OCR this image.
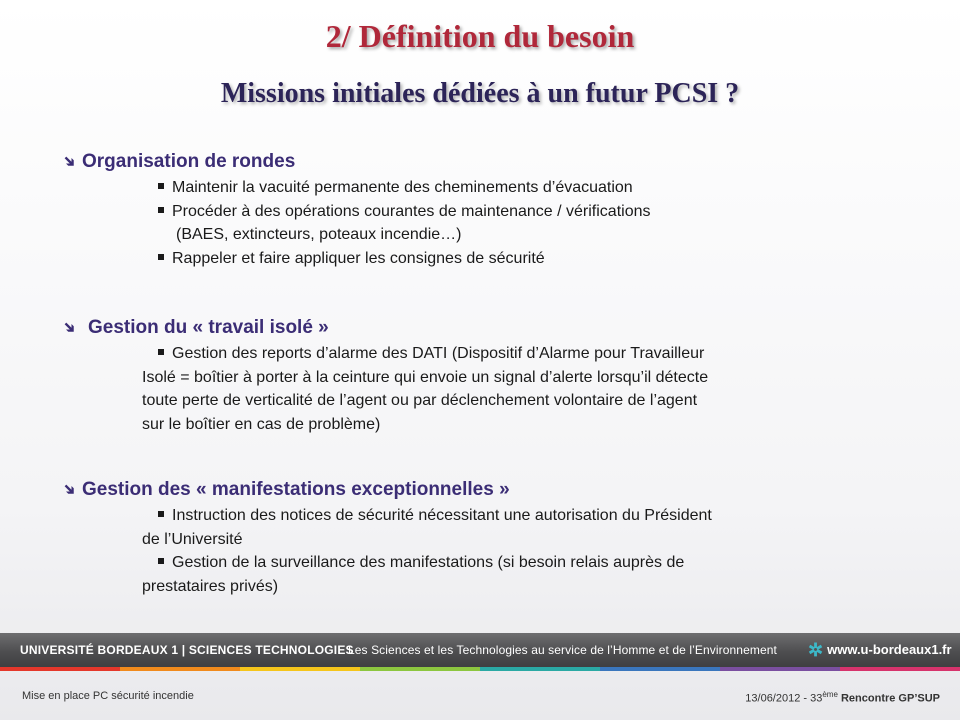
2/ Définition du besoin
Missions initiales dédiées à un futur PCSI ?
➔ Organisation de rondes
Maintenir la vacuité permanente des cheminements d’évacuation
Procéder à des opérations courantes de maintenance / vérifications
(BAES, extincteurs, poteaux incendie…)
Rappeler et faire appliquer les consignes de sécurité
➔ Gestion du « travail isolé »
Gestion des reports d’alarme des DATI (Dispositif d’Alarme pour Travailleur
Isolé = boîtier à porter à la ceinture qui envoie un signal d’alerte lorsqu’il détecte
toute perte de verticalité de l’agent ou par déclenchement volontaire de l’agent
sur le boîtier en cas de problème)
➔ Gestion des « manifestations exceptionnelles »
Instruction des notices de sécurité nécessitant une autorisation du Président
de l’Université
Gestion de la surveillance des manifestations (si besoin relais auprès de
prestataires privés)
UNIVERSITÉ BORDEAUX 1 | SCIENCES TECHNOLOGIES
Les Sciences et les Technologies au service de l’Homme et de l’Environnement ✲ www.u-bordeaux1.fr
Mise en place PC sécurité incendie	13/06/2012 - 33ème Rencontre GP’SUP
